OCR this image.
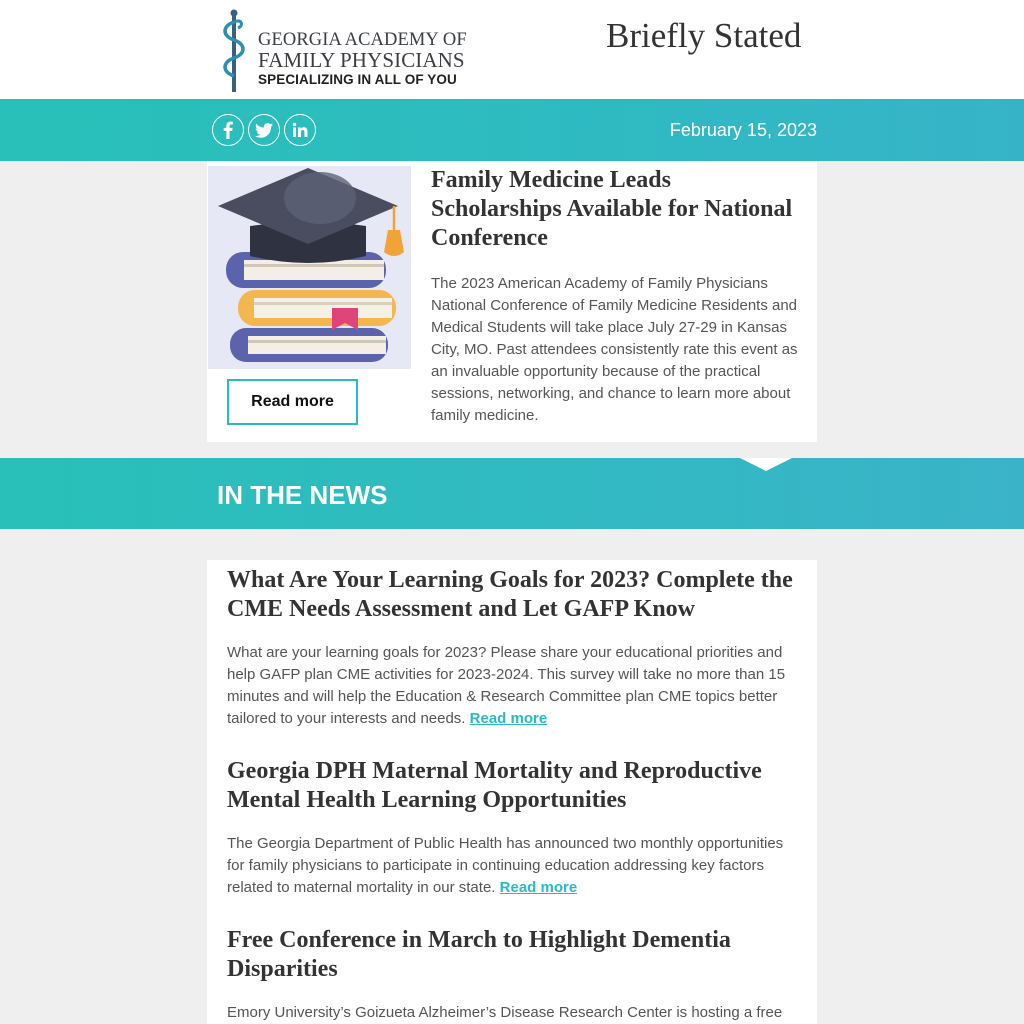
GEORGIA ACADEMY OF
FAMILY PHYSICIANS
SPECIALIZING IN ALL OF YOU
Briefly Stated
February 15, 2023
Read more
Family Medicine Leads Scholarships Available for National Conference
The 2023 American Academy of Family Physicians National Conference of Family Medicine Residents and Medical Students will take place July 27-29 in Kansas City, MO. Past attendees consistently rate this event as an invaluable opportunity because of the practical sessions, networking, and chance to learn more about family medicine.
IN THE NEWS
What Are Your Learning Goals for 2023? Complete the CME Needs Assessment and Let GAFP Know

What are your learning goals for 2023? Please share your educational priorities and help GAFP plan CME activities for 2023-2024. This survey will take no more than 15 minutes and will help the Education & Research Committee plan CME topics better tailored to your interests and needs. Read more

Georgia DPH Maternal Mortality and Reproductive Mental Health Learning Opportunities

The Georgia Department of Public Health has announced two monthly opportunities for family physicians to participate in continuing education addressing key factors related to maternal mortality in our state. Read more

Free Conference in March to Highlight Dementia Disparities

Emory University’s Goizueta Alzheimer’s Disease Research Center is hosting a free
